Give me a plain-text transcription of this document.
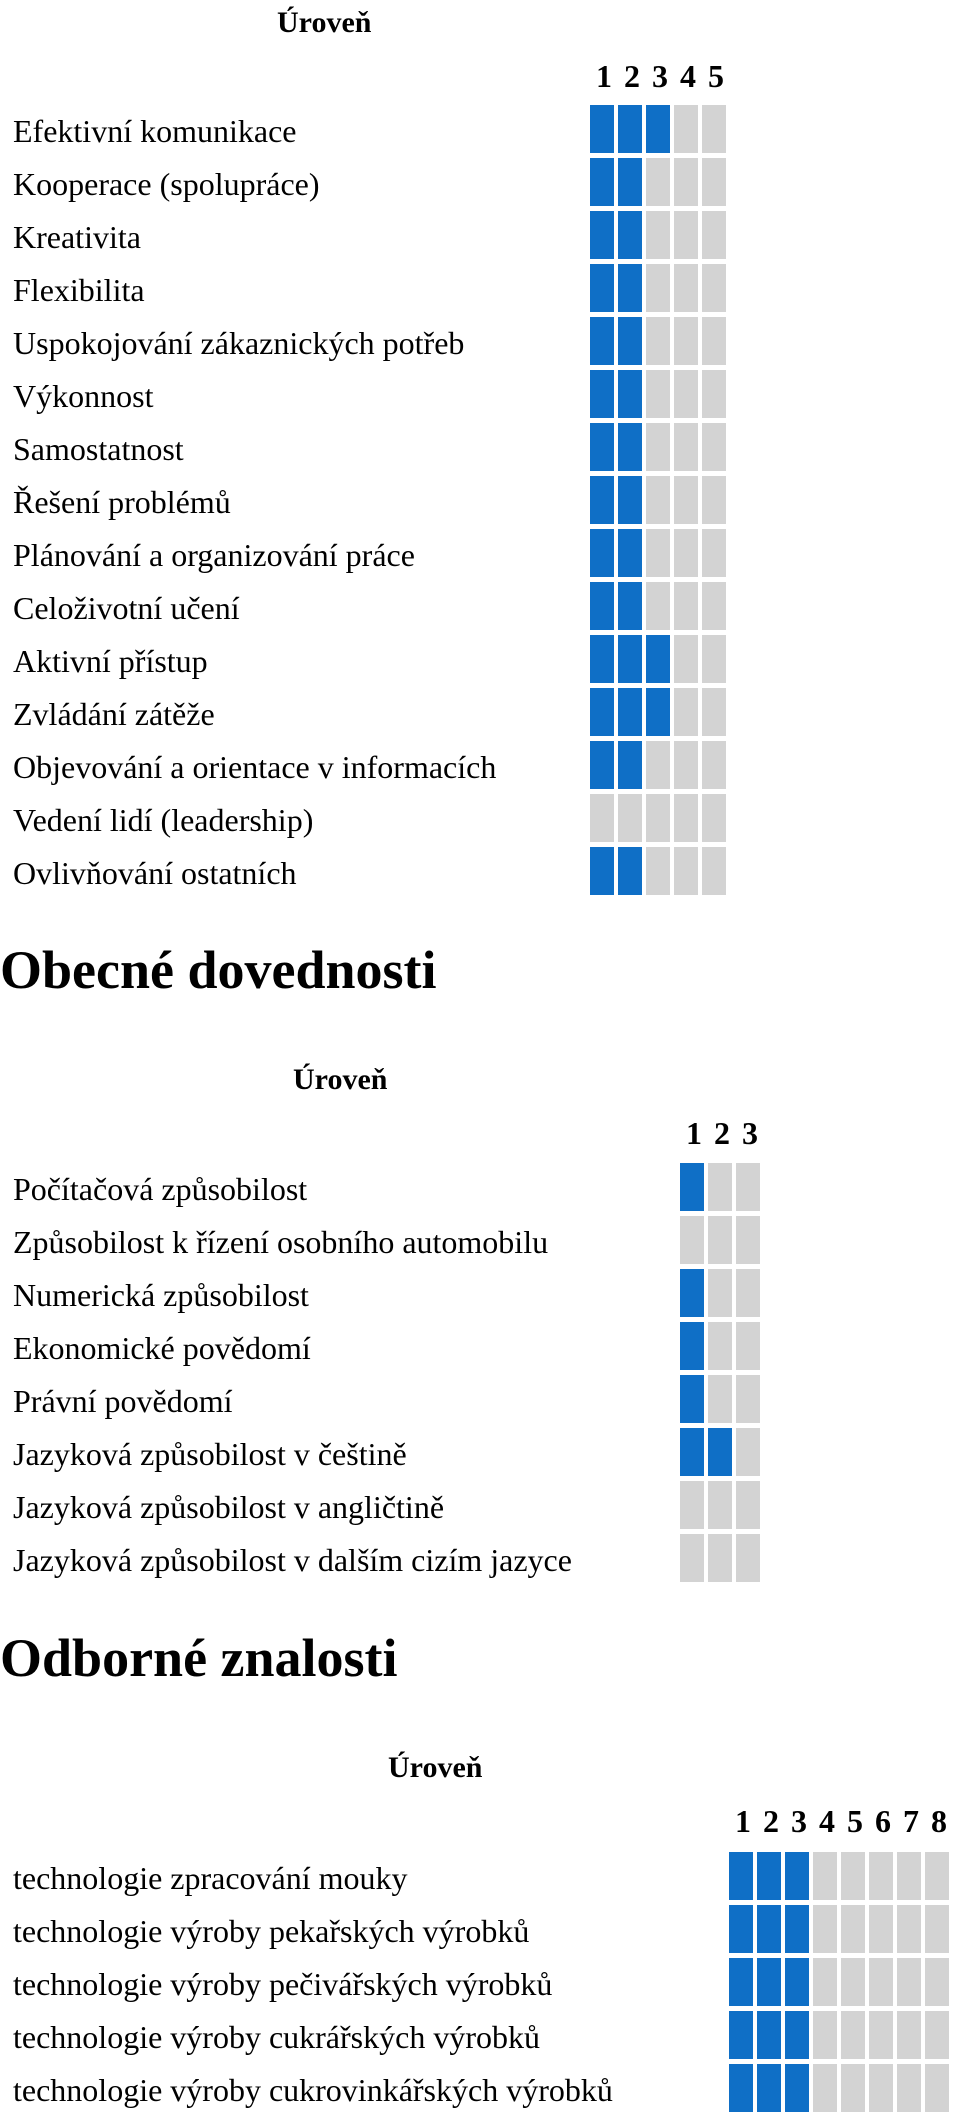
Úroveň
1 2 3 4 5
Efektivní komunikace
Kooperace (spolupráce)
Kreativita
Flexibilita
Uspokojování zákaznických potřeb
Výkonnost
Samostatnost
Řešení problémů
Plánování a organizování práce
Celoživotní učení
Aktivní přístup
Zvládání zátěže
Objevování a orientace v informacích
Vedení lidí (leadership)
Ovlivňování ostatních
Obecné dovednosti
Úroveň
1 2 3
Počítačová způsobilost
Způsobilost k řízení osobního automobilu
Numerická způsobilost
Ekonomické povědomí
Právní povědomí
Jazyková způsobilost v češtině
Jazyková způsobilost v angličtině
Jazyková způsobilost v dalším cizím jazyce
Odborné znalosti
Úroveň
1 2 3 4 5 6 7 8
technologie zpracování mouky
technologie výroby pekařských výrobků
technologie výroby pečivářských výrobků
technologie výroby cukrářských výrobků
technologie výroby cukrovinkářských výrobků
